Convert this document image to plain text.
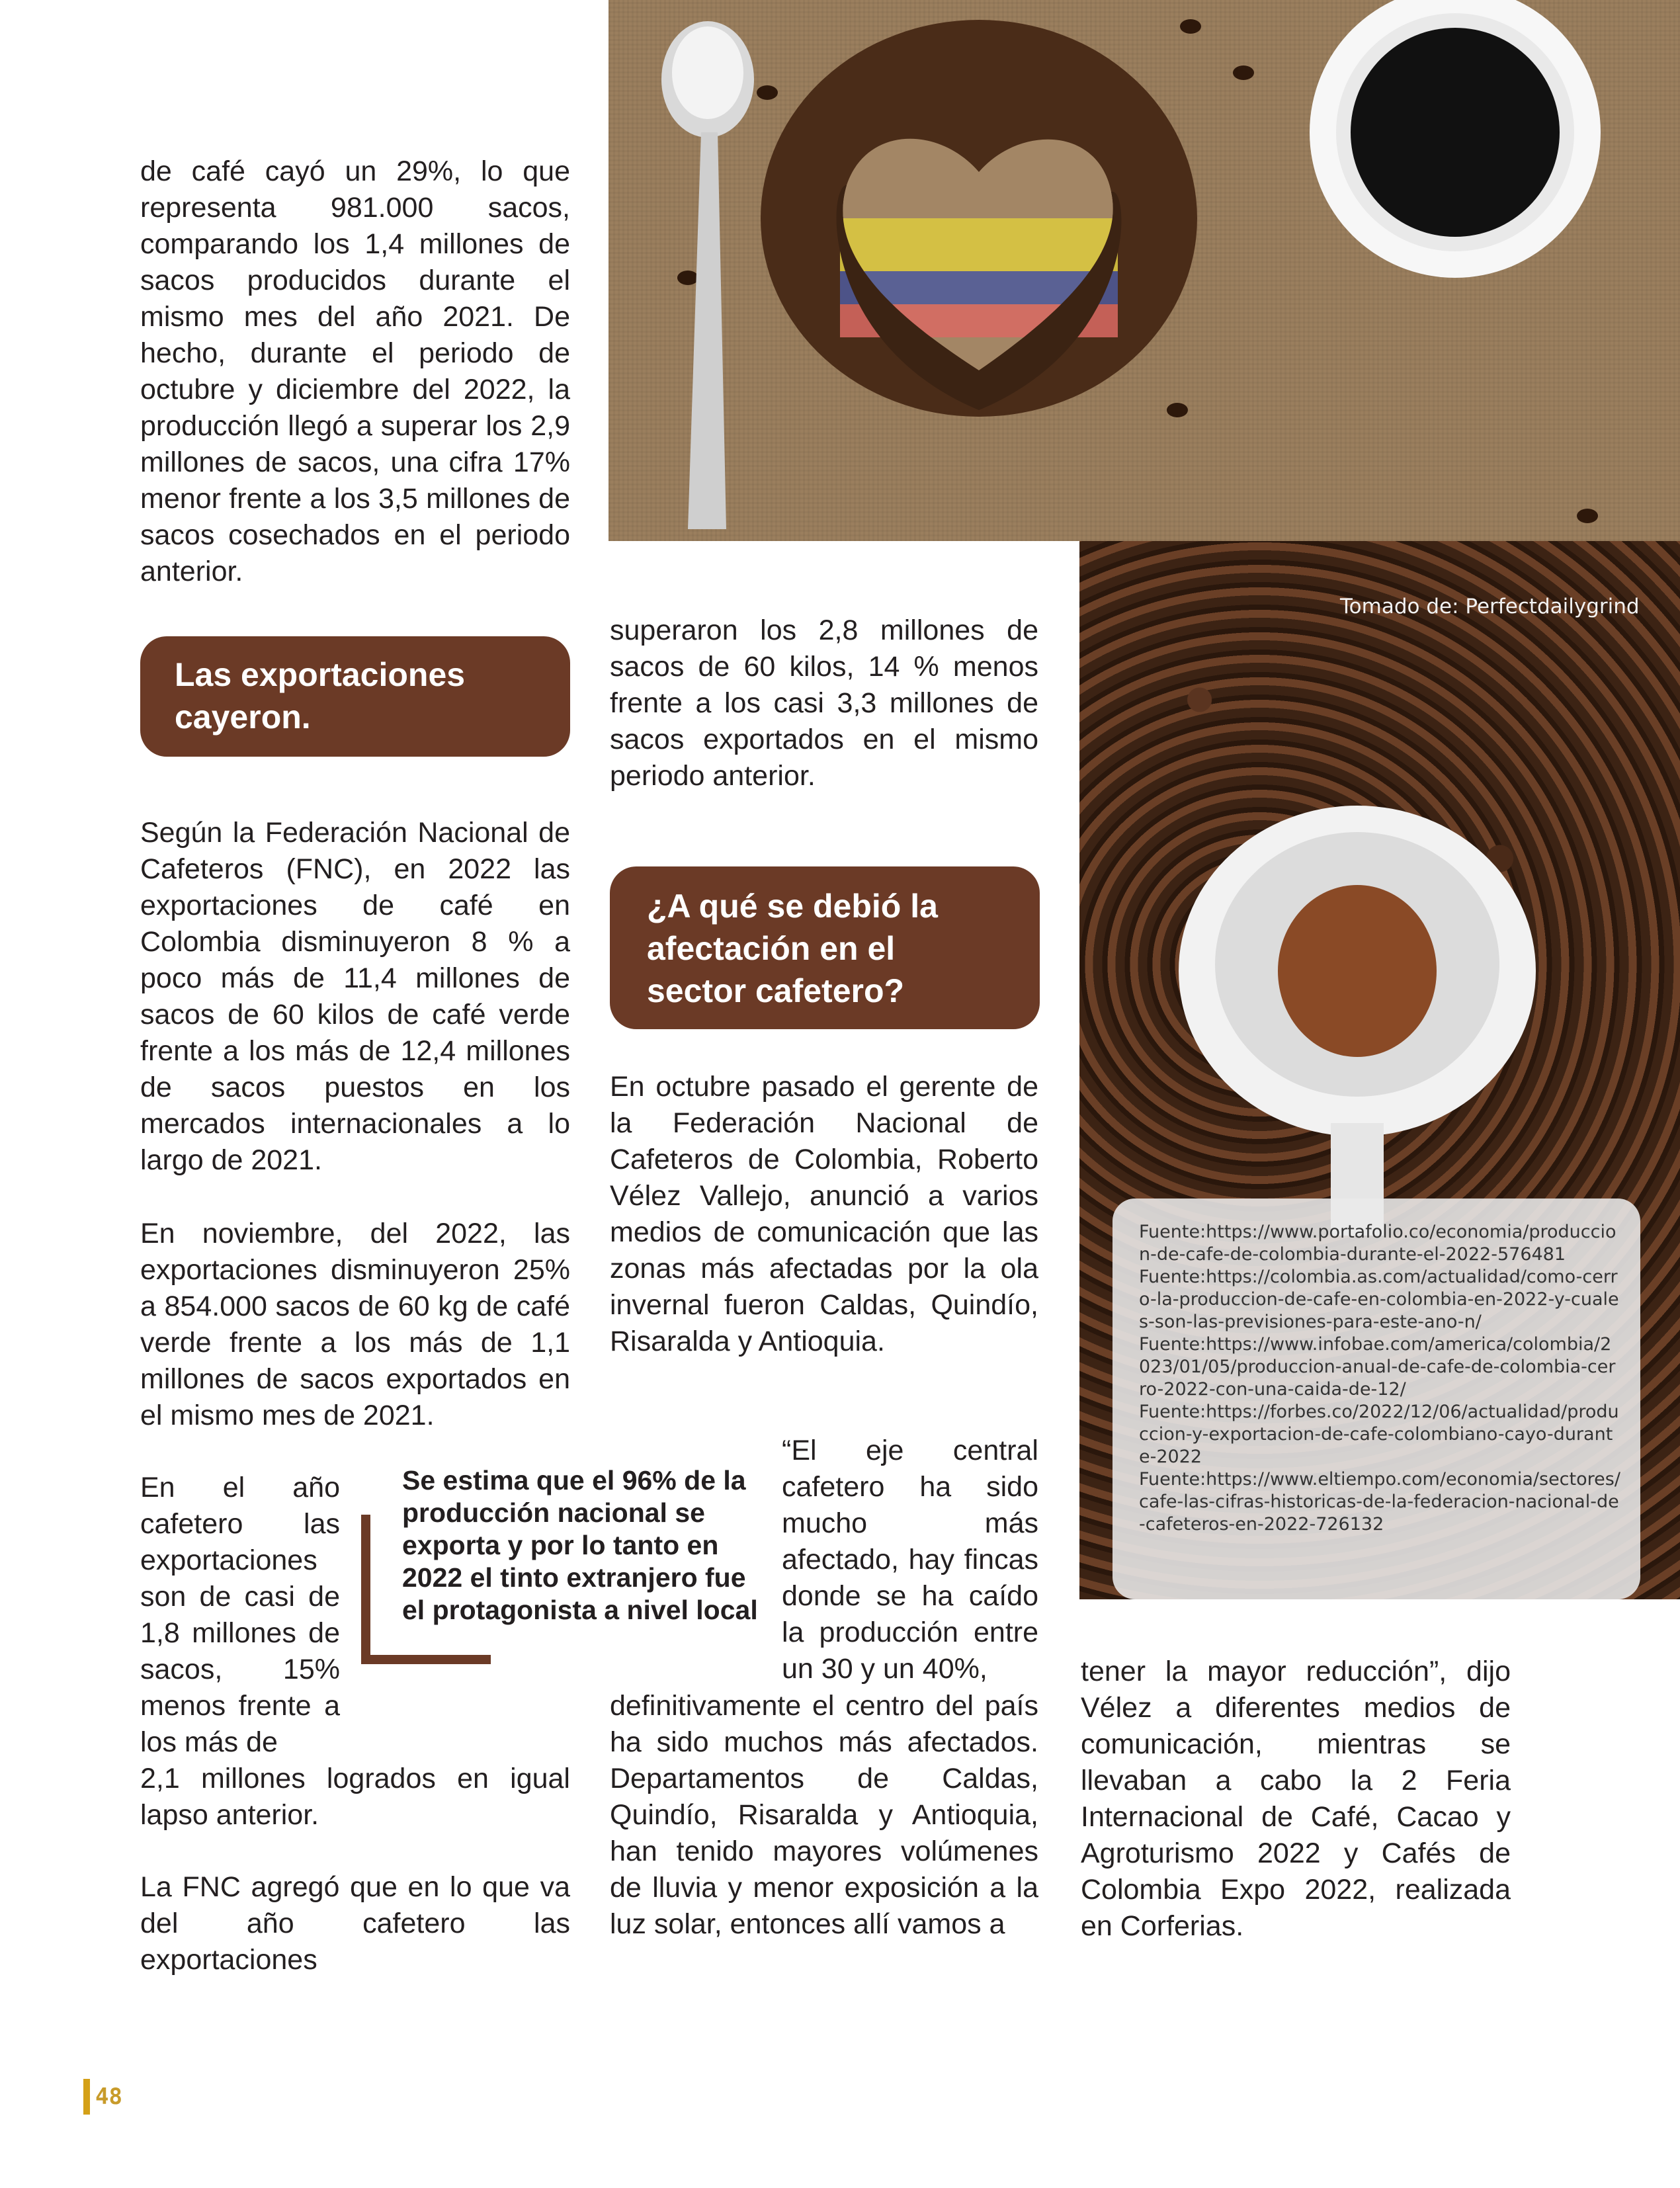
Tomado de: Perfectdailygrind
Fuente:https://www.portafolio.co/economia/produccion-de-cafe-de-colombia-durante-el-2022-576481
Fuente:https://colombia.as.com/actualidad/como-cerro-la-produccion-de-cafe-en-colombia-en-2022-y-cuales-son-las-previsiones-para-este-ano-n/
Fuente:https://www.infobae.com/america/colombia/2023/01/05/produccion-anual-de-cafe-de-colombia-cerro-2022-con-una-caida-de-12/
Fuente:https://forbes.co/2022/12/06/actualidad/produccion-y-exportacion-de-cafe-colombiano-cayo-durante-2022
Fuente:https://www.eltiempo.com/economia/sectores/cafe-las-cifras-historicas-de-la-federacion-nacional-de-cafeteros-en-2022-726132

de café cayó un 29%, lo que representa 981.000 sacos, comparando los 1,4 millones de sacos producidos durante el mismo mes del año 2021. De hecho, durante el periodo de octubre y diciembre del 2022, la producción llegó a superar los 2,9 millones de sacos, una cifra 17% menor frente a los 3,5 millones de sacos cosechados en el periodo anterior.

Las exportaciones cayeron.

Según la Federación Nacional de Cafeteros (FNC), en 2022 las exportaciones de café en Colombia disminuyeron 8 % a poco más de 11,4 millones de sacos de 60 kilos de café verde frente a los más de 12,4 millones de sacos puestos en los mercados internacionales a lo largo de 2021.

En noviembre, del 2022, las exportaciones disminuyeron 25% a 854.000 sacos de 60 kg de café verde frente a los más de 1,1 millones de sacos exportados en el mismo mes de 2021.

En el año cafetero las exportaciones son de casi de 1,8 millones de sacos, 15% menos frente a los más de

2,1 millones logrados en igual lapso anterior.

La FNC agregó que en lo que va del año cafetero las exportaciones

Se estima que el 96% de la producción nacional se exporta y por lo tanto en 2022 el tinto extranjero fue el protagonista a nivel local

superaron los 2,8 millones de sacos de 60 kilos, 14 % menos frente a los casi 3,3 millones de sacos exportados en el mismo periodo anterior.

¿A qué se debió la afectación en el sector cafetero?

En octubre pasado el gerente de la Federación Nacional de Cafeteros de Colombia, Roberto Vélez Vallejo, anunció a varios medios de comunicación que las zonas más afectadas por la ola invernal fueron Caldas, Quindío, Risaralda y Antioquia.

“El eje central cafetero ha sido mucho más afectado, hay fincas donde se ha caído la producción entre un 30 y un 40%,

definitivamente el centro del país ha sido muchos más afectados. Departamentos de Caldas, Quindío, Risaralda y Antioquia, han tenido mayores volúmenes de lluvia y menor exposición a la luz solar, entonces allí vamos a

tener la mayor reducción”, dijo Vélez a diferentes medios de comunicación, mientras se llevaban a cabo la 2 Feria Internacional de Café, Cacao y Agroturismo 2022 y Cafés de Colombia Expo 2022, realizada en Corferias.

48
